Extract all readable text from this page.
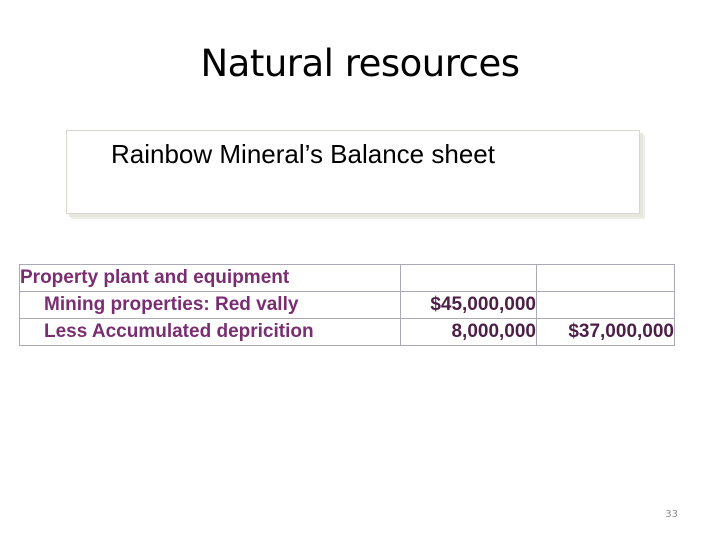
Natural resources
Rainbow Mineral’s Balance sheet
Property plant and equipment		
Mining properties: Red vally	$45,000,000	
Less Accumulated depricition	8,000,000	$37,000,000
33
